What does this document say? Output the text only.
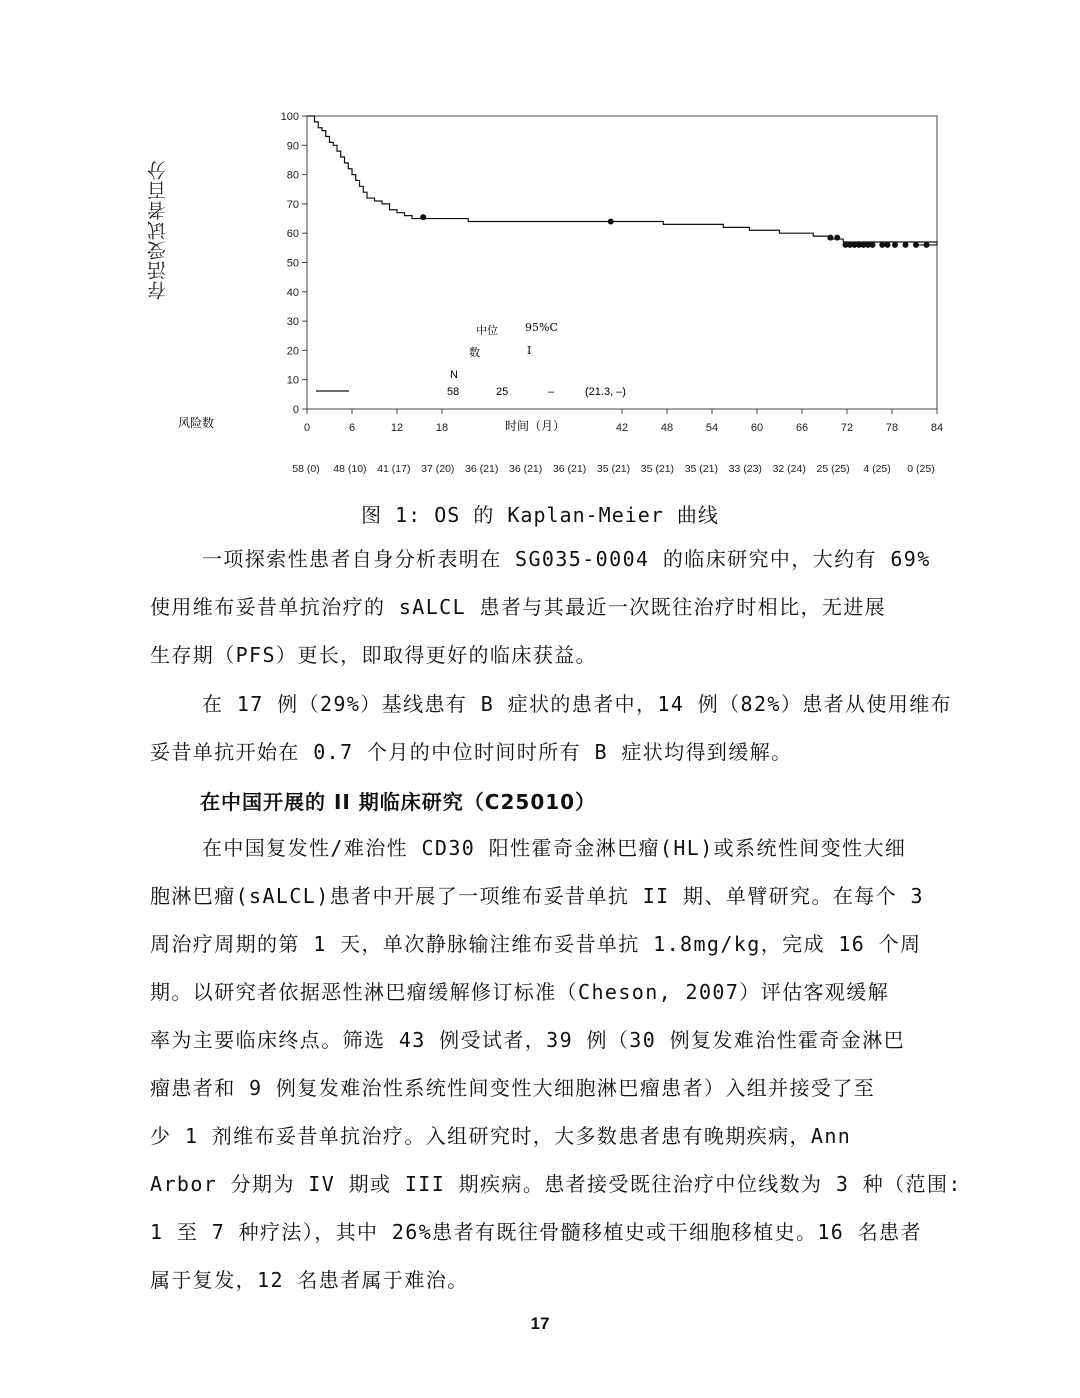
0
10
20
30
40
50
60
70
80
90
100
0	6	12	18	42	48	54	60	66	72	78	84
中位 95%C
数	I
N
58	25	–	(21.3, –)
风险数	时间（月）
58 (0) 48 (10) 41 (17) 37 (20) 36 (21) 36 (21) 36 (21) 35 (21) 35 (21) 35 (21) 33 (23) 32 (24) 25 (25) 4 (25) 0 (25)
存活受试者百分
图 1: OS 的 Kaplan-Meier 曲线
一项探索性患者自身分析表明在 SG035-0004 的临床研究中，大约有 69%
使用维布妥昔单抗治疗的 sALCL 患者与其最近一次既往治疗时相比，无进展
生存期（PFS）更长，即取得更好的临床获益。
在 17 例（29%）基线患有 B 症状的患者中，14 例（82%）患者从使用维布
妥昔单抗开始在 0.7 个月的中位时间时所有 B 症状均得到缓解。
在中国开展的 II 期临床研究（C25010）
在中国复发性/难治性 CD30 阳性霍奇金淋巴瘤(HL)或系统性间变性大细
胞淋巴瘤(sALCL)患者中开展了一项维布妥昔单抗 II 期、单臂研究。在每个 3
周治疗周期的第 1 天，单次静脉输注维布妥昔单抗 1.8mg/kg，完成 16 个周
期。以研究者依据恶性淋巴瘤缓解修订标准（Cheson, 2007）评估客观缓解
率为主要临床终点。筛选 43 例受试者，39 例（30 例复发难治性霍奇金淋巴
瘤患者和 9 例复发难治性系统性间变性大细胞淋巴瘤患者）入组并接受了至
少 1 剂维布妥昔单抗治疗。入组研究时，大多数患者患有晚期疾病，Ann
Arbor 分期为 IV 期或 III 期疾病。患者接受既往治疗中位线数为 3 种（范围:
1 至 7 种疗法），其中 26%患者有既往骨髓移植史或干细胞移植史。16 名患者
属于复发，12 名患者属于难治。
17
